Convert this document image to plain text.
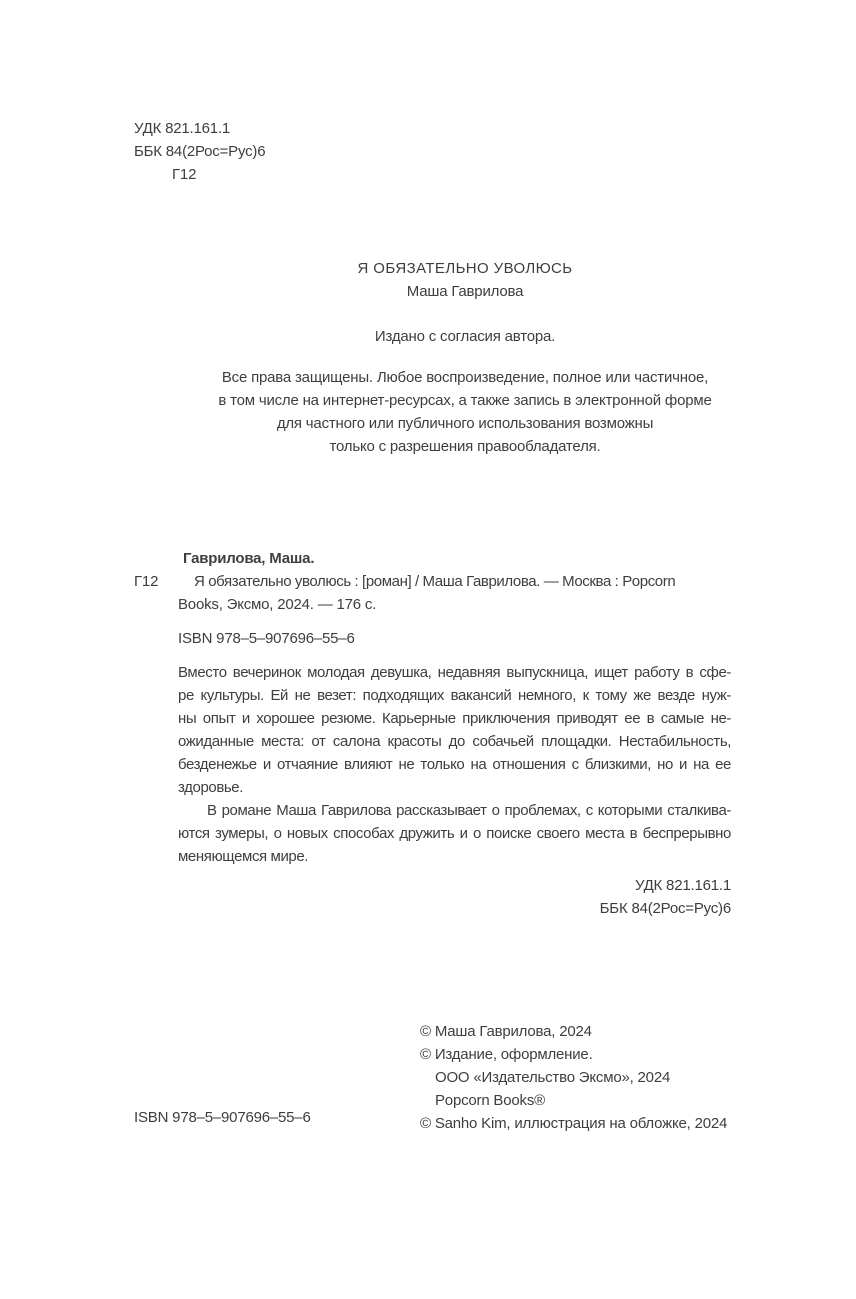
УДК 821.161.1
ББК 84(2Рос=Рус)6
Г12
Я ОБЯЗАТЕЛЬНО УВОЛЮСЬ
Маша Гаврилова
Издано с согласия автора.
Все права защищены. Любое воспроизведение, полное или частичное,
в том числе на интернет-ресурсах, а также запись в электронной форме
для частного или публичного использования возможны
только с разрешения правообладателя.
Гаврилова, Маша.
Г12	Я обязательно уволюсь : [роман] / Маша Гаврилова. — Москва : Popcorn
Books, Эксмо, 2024. — 176 с.
ISBN 978–5–907696–55–6
Вместо вечеринок молодая девушка, недавняя выпускница, ищет работу в сфе-
ре культуры. Ей не везет: подходящих вакансий немного, к тому же везде нуж-
ны опыт и хорошее резюме. Карьерные приключения приводят ее в самые не-
ожиданные места: от салона красоты до собачьей площадки. Нестабильность,
безденежье и отчаяние влияют не только на отношения с близкими, но и на ее
здоровье.
В романе Маша Гаврилова рассказывает о проблемах, с которыми сталкива-
ются зумеры, о новых способах дружить и о поиске своего места в беспрерывно
меняющемся мире.
УДК 821.161.1
ББК 84(2Рос=Рус)6
© Маша Гаврилова, 2024
© Издание, оформление.
ООО «Издательство Эксмо», 2024
Popcorn Books®
© Sanho Kim, иллюстрация на обложке, 2024
ISBN 978–5–907696–55–6
